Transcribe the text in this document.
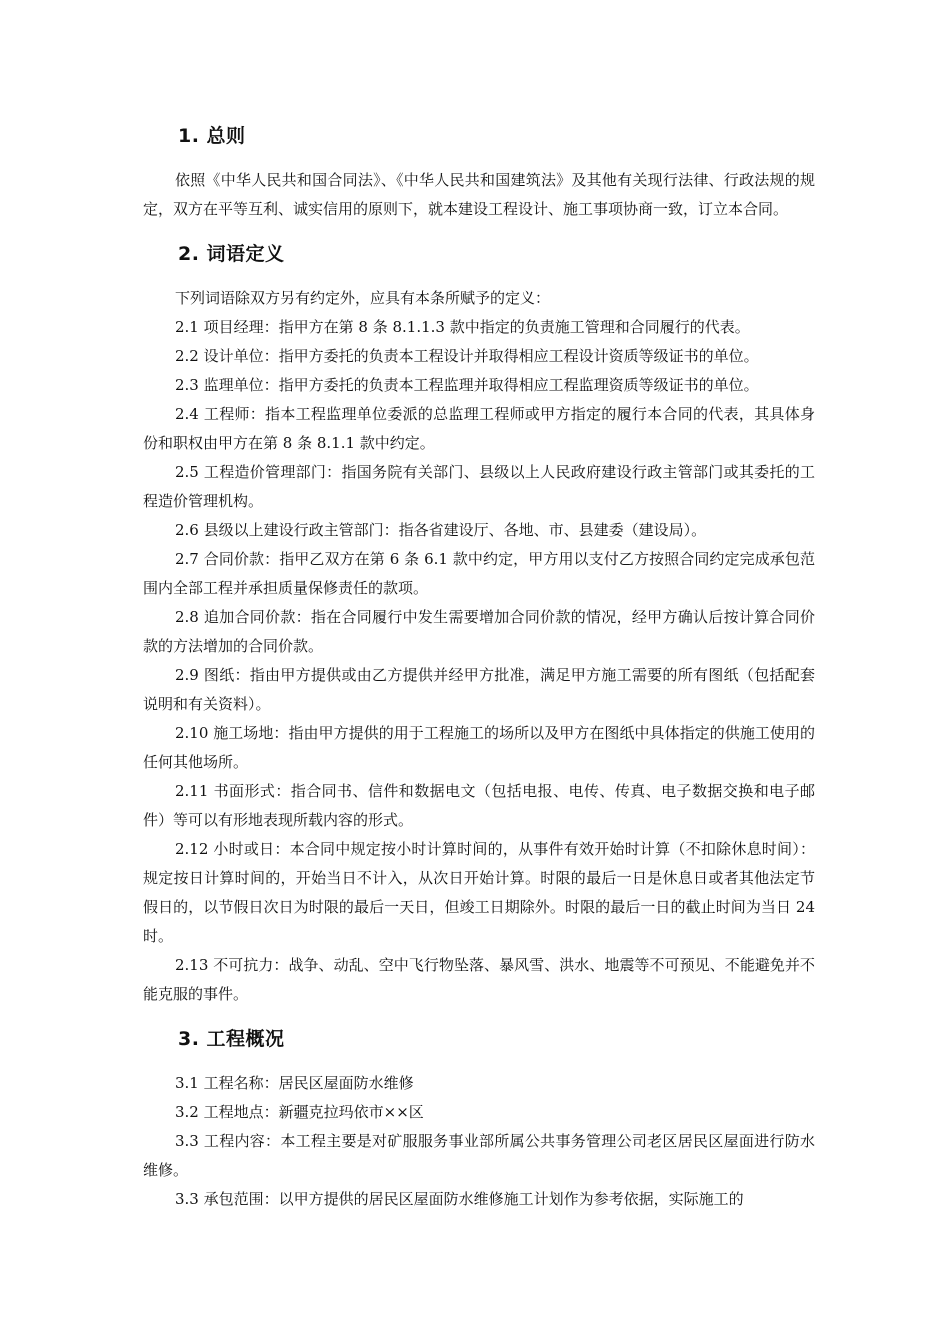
1. 总则

依照《中华人民共和国合同法》、《中华人民共和国建筑法》及其他有关现行法律、行政法规的规定，双方在平等互利、诚实信用的原则下，就本建设工程设计、施工事项协商一致，订立本合同。

2. 词语定义

下列词语除双方另有约定外，应具有本条所赋予的定义：

2.1 项目经理：指甲方在第 8 条 8.1.1.3 款中指定的负责施工管理和合同履行的代表。

2.2 设计单位：指甲方委托的负责本工程设计并取得相应工程设计资质等级证书的单位。

2.3 监理单位：指甲方委托的负责本工程监理并取得相应工程监理资质等级证书的单位。

2.4 工程师：指本工程监理单位委派的总监理工程师或甲方指定的履行本合同的代表，其具体身份和职权由甲方在第 8 条 8.1.1 款中约定。

2.5 工程造价管理部门：指国务院有关部门、县级以上人民政府建设行政主管部门或其委托的工程造价管理机构。

2.6 县级以上建设行政主管部门：指各省建设厅、各地、市、县建委（建设局）。

2.7 合同价款：指甲乙双方在第 6 条 6.1 款中约定，甲方用以支付乙方按照合同约定完成承包范围内全部工程并承担质量保修责任的款项。

2.8 追加合同价款：指在合同履行中发生需要增加合同价款的情况，经甲方确认后按计算合同价款的方法增加的合同价款。

2.9 图纸：指由甲方提供或由乙方提供并经甲方批准，满足甲方施工需要的所有图纸（包括配套说明和有关资料）。

2.10 施工场地：指由甲方提供的用于工程施工的场所以及甲方在图纸中具体指定的供施工使用的任何其他场所。

2.11 书面形式：指合同书、信件和数据电文（包括电报、电传、传真、电子数据交换和电子邮件）等可以有形地表现所载内容的形式。

2.12 小时或日：本合同中规定按小时计算时间的，从事件有效开始时计算（不扣除休息时间）：规定按日计算时间的，开始当日不计入，从次日开始计算。时限的最后一日是休息日或者其他法定节假日的，以节假日次日为时限的最后一天日，但竣工日期除外。时限的最后一日的截止时间为当日 24 时。

2.13 不可抗力：战争、动乱、空中飞行物坠落、暴风雪、洪水、地震等不可预见、不能避免并不能克服的事件。

3. 工程概况

3.1 工程名称：居民区屋面防水维修

3.2 工程地点：新疆克拉玛依市××区

3.3 工程内容：本工程主要是对矿服服务事业部所属公共事务管理公司老区居民区屋面进行防水维修。

3.3 承包范围：以甲方提供的居民区屋面防水维修施工计划作为参考依据，实际施工的
